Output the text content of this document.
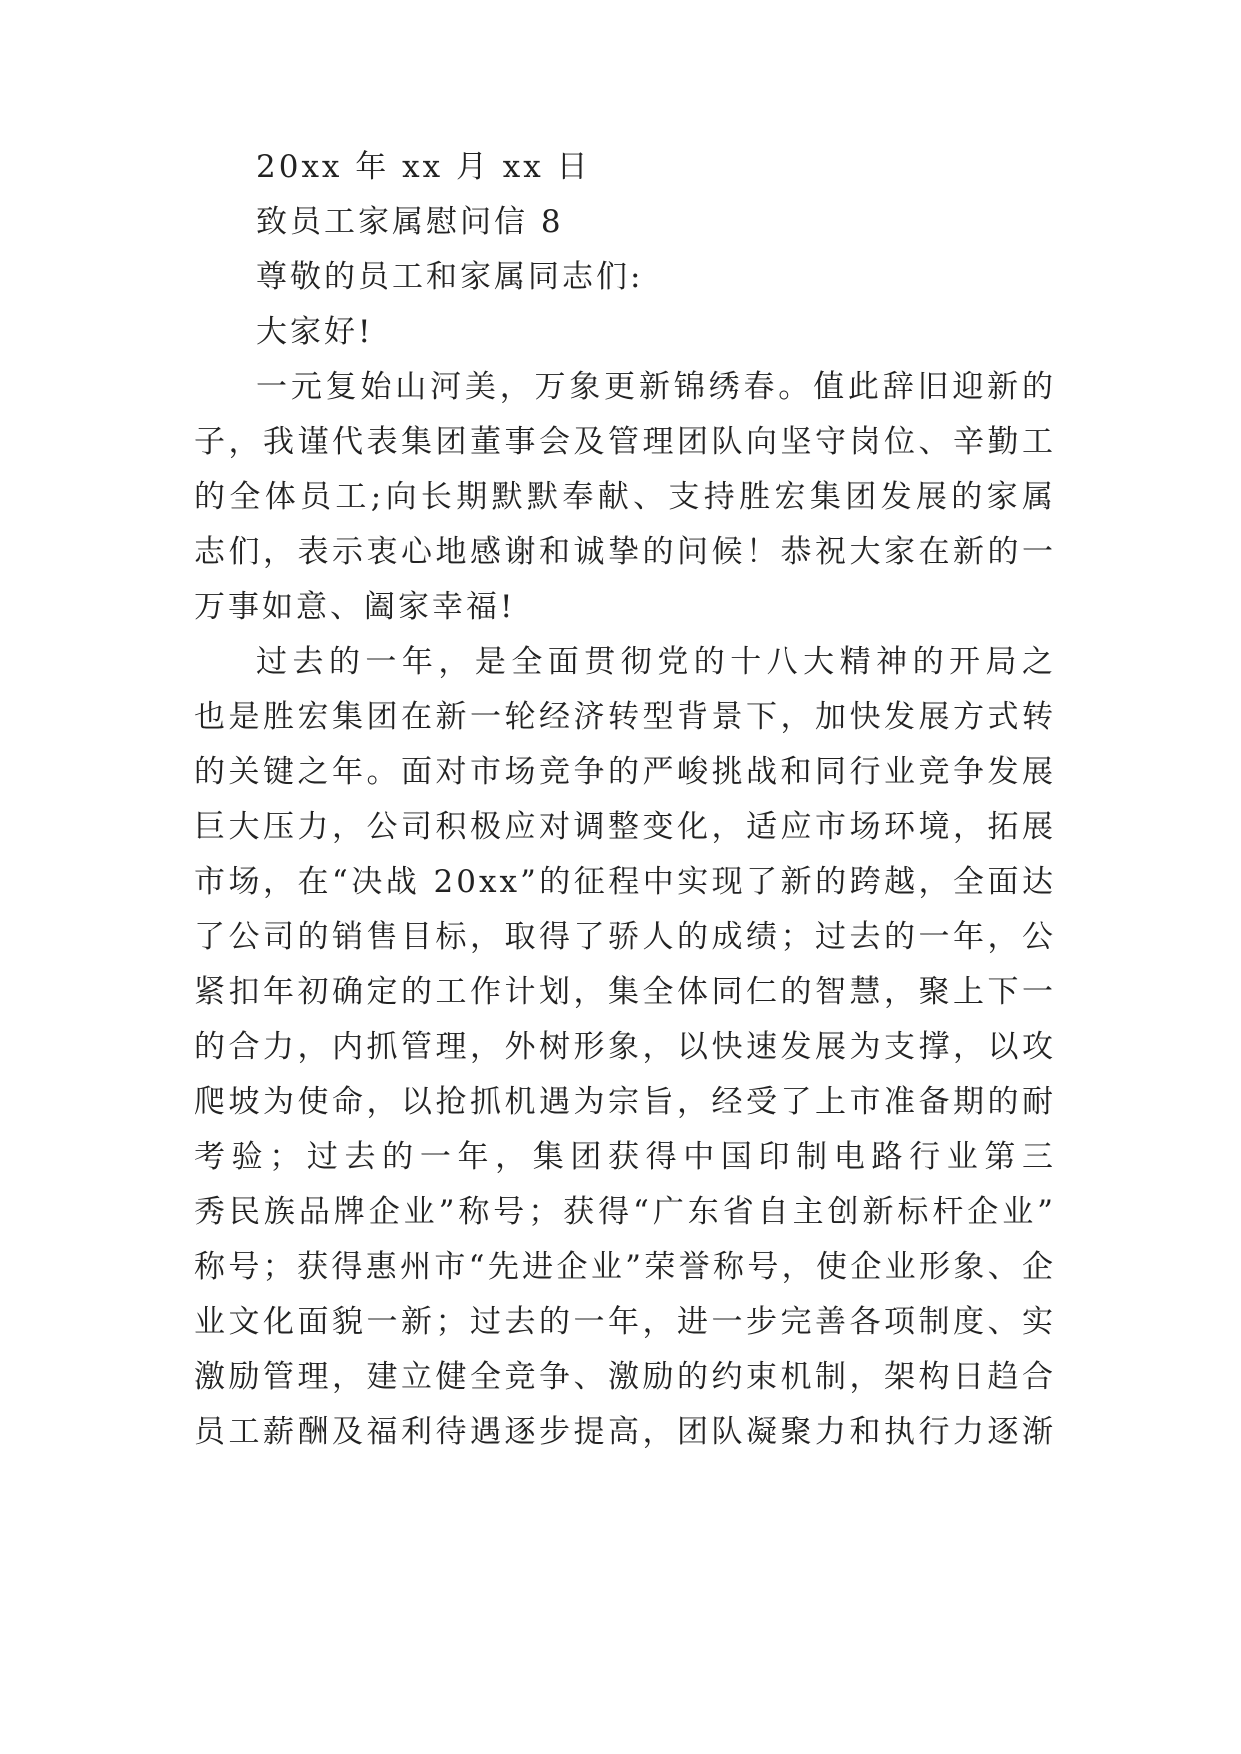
20xx 年 xx 月 xx 日
致员工家属慰问信 8
尊敬的员工和家属同志们:
大家好!
一元复始山河美，万象更新锦绣春。值此辞旧迎新的
子，我谨代表集团董事会及管理团队向坚守岗位、辛勤工
的全体员工;向长期默默奉献、支持胜宏集团发展的家属
志们，表示衷心地感谢和诚挚的问候！恭祝大家在新的一
万事如意、阖家幸福!
过去的一年，是全面贯彻党的十八大精神的开局之
也是胜宏集团在新一轮经济转型背景下，加快发展方式转
的关键之年。面对市场竞争的严峻挑战和同行业竞争发展
巨大压力，公司积极应对调整变化，适应市场环境，拓展
市场，在“决战 20xx”的征程中实现了新的跨越，全面达
了公司的销售目标，取得了骄人的成绩；过去的一年，公
紧扣年初确定的工作计划，集全体同仁的智慧，聚上下一
的合力，内抓管理，外树形象，以快速发展为支撑，以攻
爬坡为使命，以抢抓机遇为宗旨，经受了上市准备期的耐
考验；过去的一年，集团获得中国印制电路行业第三
秀民族品牌企业”称号；获得“广东省自主创新标杆企业”
称号；获得惠州市“先进企业”荣誉称号，使企业形象、企
业文化面貌一新；过去的一年，进一步完善各项制度、实
激励管理，建立健全竞争、激励的约束机制，架构日趋合
员工薪酬及福利待遇逐步提高，团队凝聚力和执行力逐渐
